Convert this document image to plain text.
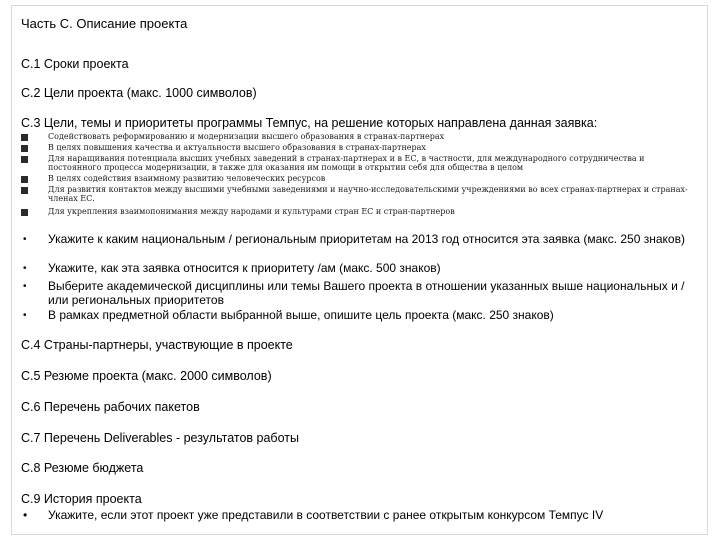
Часть C. Описание проекта
C.1 Сроки проекта
C.2 Цели проекта (макс. 1000 символов)
C.3 Цели, темы и приоритеты программы Темпус, на решение которых направлена данная заявка:
Содействовать реформированию и модернизации высшего образования в странах-партнерах
В целях повышения качества и актуальности высшего образования в странах-партнерах
Для наращивания потенциала высших учебных заведений в странах-партнерах и в ЕС, в частности, для международного сотрудничества и постоянного процесса модернизации, в также для оказания им помощи в открытии себя для общества в целом
В целях содействия взаимному развитию человеческих ресурсов
Для развития контактов между высшими учебными заведениями и научно-исследовательскими учреждениями во всех странах-партнерах и странах-членах ЕС.
Для укрепления взаимопонимания между народами и культурами стран ЕС и стран-партнеров
• Укажите к каким национальным / региональным приоритетам на 2013 год относится эта заявка (макс. 250 знаков)
• Укажите, как эта заявка относится к приоритету /ам (макс. 500 знаков)
• Выберите академической дисциплины или темы Вашего проекта в отношении указанных выше национальных и / или региональных приоритетов
• В рамках предметной области выбранной выше, опишите цель проекта (макс. 250 знаков)
C.4 Страны-партнеры, участвующие в проекте
C.5 Резюме проекта (макс. 2000 символов)
C.6 Перечень рабочих пакетов
C.7 Перечень Deliverables - результатов работы
C.8 Резюме бюджета
C.9 История проекта
• Укажите, если этот проект уже представили в соответствии с ранее открытым конкурсом Темпус IV
